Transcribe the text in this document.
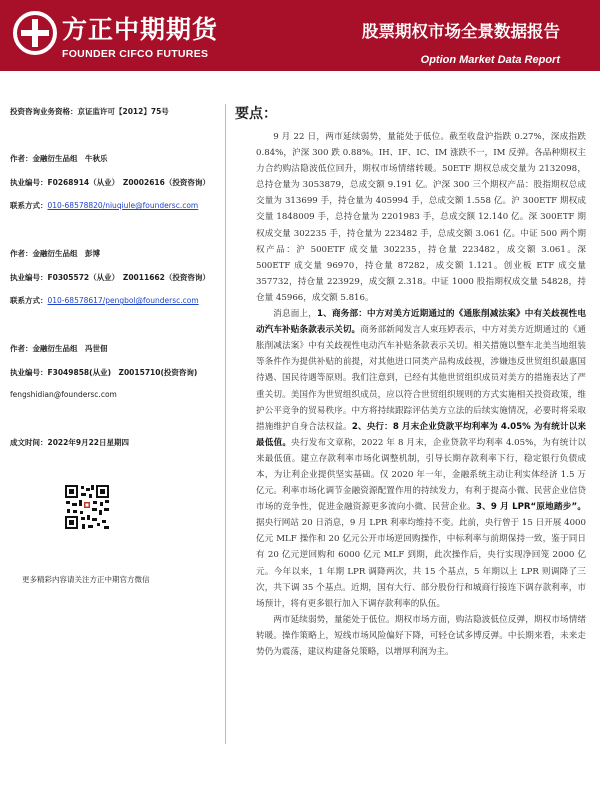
方正中期期货
FOUNDER CIFCO FUTURES
股票期权市场全景数据报告
Option Market Data Report
投资咨询业务资格：京证监许可【2012】75号
作者：金融衍生品组　牛秋乐
执业编号：F0268914（从业）　Z0002616（投资咨询）
联系方式：010-68578820/niuqiule@foundersc.com
作者：金融衍生品组　彭博
执业编号：F0305572（从业）　Z0011662（投资咨询）
联系方式：010-68578617/pengbol@foundersc.com
作者：金融衍生品组　冯世佃
执业编号：F3049858(从业)　Z0015710(投资咨询)
fengshidian@foundersc.com
成文时间：2022年9月22日星期四
更多精彩内容请关注方正中期官方微信
要点：

9 月 22 日，两市延续弱势，量能处于低位。截至收盘沪指跌 0.27%，深成指跌 0.84%，沪深 300 跌 0.88%。IH、IF、IC、IM 涨跌不一，IM 反弹。各品种期权主力合约购沽隐波低位回升，期权市场情绪转暖。50ETF 期权总成交量为 2132098，总持仓量为 3053879，总成交额 9.191 亿。沪深 300 三个期权产品：股指期权总成交量为 313699 手，持仓量为 405994 手，总成交额 1.558 亿。沪 300ETF 期权成交量 1848009 手，总持仓量为 2201983 手，总成交额 12.140 亿。深 300ETF 期权成交量 302235 手，持仓量为 223482 手，总成交额 3.061 亿。中证 500 两个期权产品：沪 500ETF 成交量 302235，持仓量 223482，成交额 3.061。深 500ETF 成交量 96970，持仓量 87282，成交额 1.121。创业板 ETF 成交量 357732，持仓量 223929，成交额 2.318。中证 1000 股指期权成交量 54828，持仓量 45966，成交额 5.816。

消息面上，1、商务部：中方对美方近期通过的《通胀削减法案》中有关歧视性电动汽车补贴条款表示关切。商务部新闻发言人束珏婷表示，中方对美方近期通过的《通胀削减法案》中有关歧视性电动汽车补贴条款表示关切。相关措施以整车北美当地组装等条件作为提供补贴的前提，对其他进口同类产品构成歧视，涉嫌违反世贸组织最惠国待遇、国民待遇等原则。我们注意到，已经有其他世贸组织成员对美方的措施表达了严重关切。美国作为世贸组织成员，应以符合世贸组织规则的方式实施相关投资政策，维护公平竞争的贸易秩序。中方将持续跟踪评估美方立法的后续实施情况，必要时将采取措施维护自身合法权益。2、央行：8 月末企业贷款平均利率为 4.05% 为有统计以来最低值。央行发布文章称，2022 年 8 月末，企业贷款平均利率 4.05%，为有统计以来最低值。建立存款利率市场化调整机制，引导长期存款利率下行，稳定银行负债成本，为让利企业提供坚实基础。仅 2020 年一年，金融系统主动让利实体经济 1.5 万亿元。利率市场化调节金融资源配置作用的持续发力，有利于提高小微、民营企业信贷市场的竞争性，促进金融资源更多流向小微、民营企业。3、9 月 LPR“原地踏步”。据央行网站 20 日消息，9 月 LPR 利率均维持不变。此前，央行曾于 15 日开展 4000 亿元 MLF 操作和 20 亿元公开市场逆回购操作，中标利率与前期保持一致，鉴于同日有 20 亿元逆回购和 6000 亿元 MLF 到期，此次操作后，央行实现净回笼 2000 亿元。今年以来，1 年期 LPR 调降两次，共 15 个基点，5 年期以上 LPR 则调降了三次，共下调 35 个基点。近期，国有大行、部分股份行和城商行接连下调存款利率，市场预计，将有更多银行加入下调存款利率的队伍。

两市延续弱势，量能处于低位。期权市场方面，购沽隐波低位反弹，期权市场情绪转暖。操作策略上，短线市场风险偏好下降，可轻仓试多博反弹。中长期来看，未来走势仍为震荡，建议构建备兑策略，以增厚利润为主。
